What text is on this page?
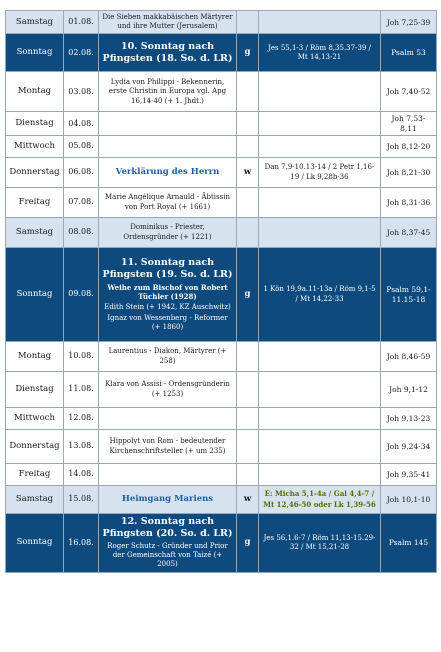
Samstag	01.08.	Die Sieben makkabäischen Märtyrer und ihre Mutter (Jerusalem)			Joh 7,25-39
Sonntag	02.08.	10. Sonntag nach Pfingsten (18. So. d. LR)	g	Jes 55,1-3 / Röm 8,35.37-39 / Mt 14,13-21	Psalm 53
Montag	03.08.	Lydia von Philippi - Bekennerin, erste Christin in Europa vgl. Apg 16,14-40 (+ 1. Jhdt.)			Joh 7,40-52
Dienstag	04.08.				Joh 7,53-8,11
Mittwoch	05.08.				Joh 8,12-20
Donnerstag	06.08.	Verklärung des Herrn	w	Dan 7,9-10.13-14 / 2 Petr 1,16-19 / Lk 9,28b-36	Joh 8,21-30
Freitag	07.08.	Marie Angélique Arnauld - Äbtissin von Port Royal (+ 1661)			Joh 8,31-36
Samstag	08.08.	Dominikus - Priester, Ordensgründer (+ 1221)			Joh 8,37-45
Sonntag	09.08.	11. Sonntag nach Pfingsten (19. So. d. LR)
Weihe zum Bischof von Robert Tüchler (1928)
Edith Stein (+ 1942, KZ Auschwitz)
Ignaz von Wessenberg - Reformer (+ 1860)	g	1 Kön 19,9a.11-13a / Röm 9,1-5 / Mt 14,22-33	Psalm 59,1-11.15-18
Montag	10.08.	Laurentius - Diakon, Märtyrer (+ 258)			Joh 8,46-59
Dienstag	11.08.	Klara von Assisi - Ordensgründerin (+ 1253)			Joh 9,1-12
Mittwoch	12.08.				Joh 9,13-23
Donnerstag	13.08.	Hippolyt von Rom - bedeutender Kirchenschriftsteller (+ um 235)			Joh 9,24-34
Freitag	14.08.				Joh 9,35-41
Samstag	15.08.	Heimgang Mariens	w	E: Micha 5,1-4a / Gal 4,4-7 / Mt 12,46-50 oder Lk 1,39-56	Joh 10,1-10
Sonntag	16.08.	12. Sonntag nach Pfingsten (20. So. d. LR)
Roger Schutz - Gründer und Prior der Gemeinschaft von Taizé (+ 2005)	g	Jes 56,1.6-7 / Röm 11,13-15.29-32 / Mt 15,21-28	Psalm 145
